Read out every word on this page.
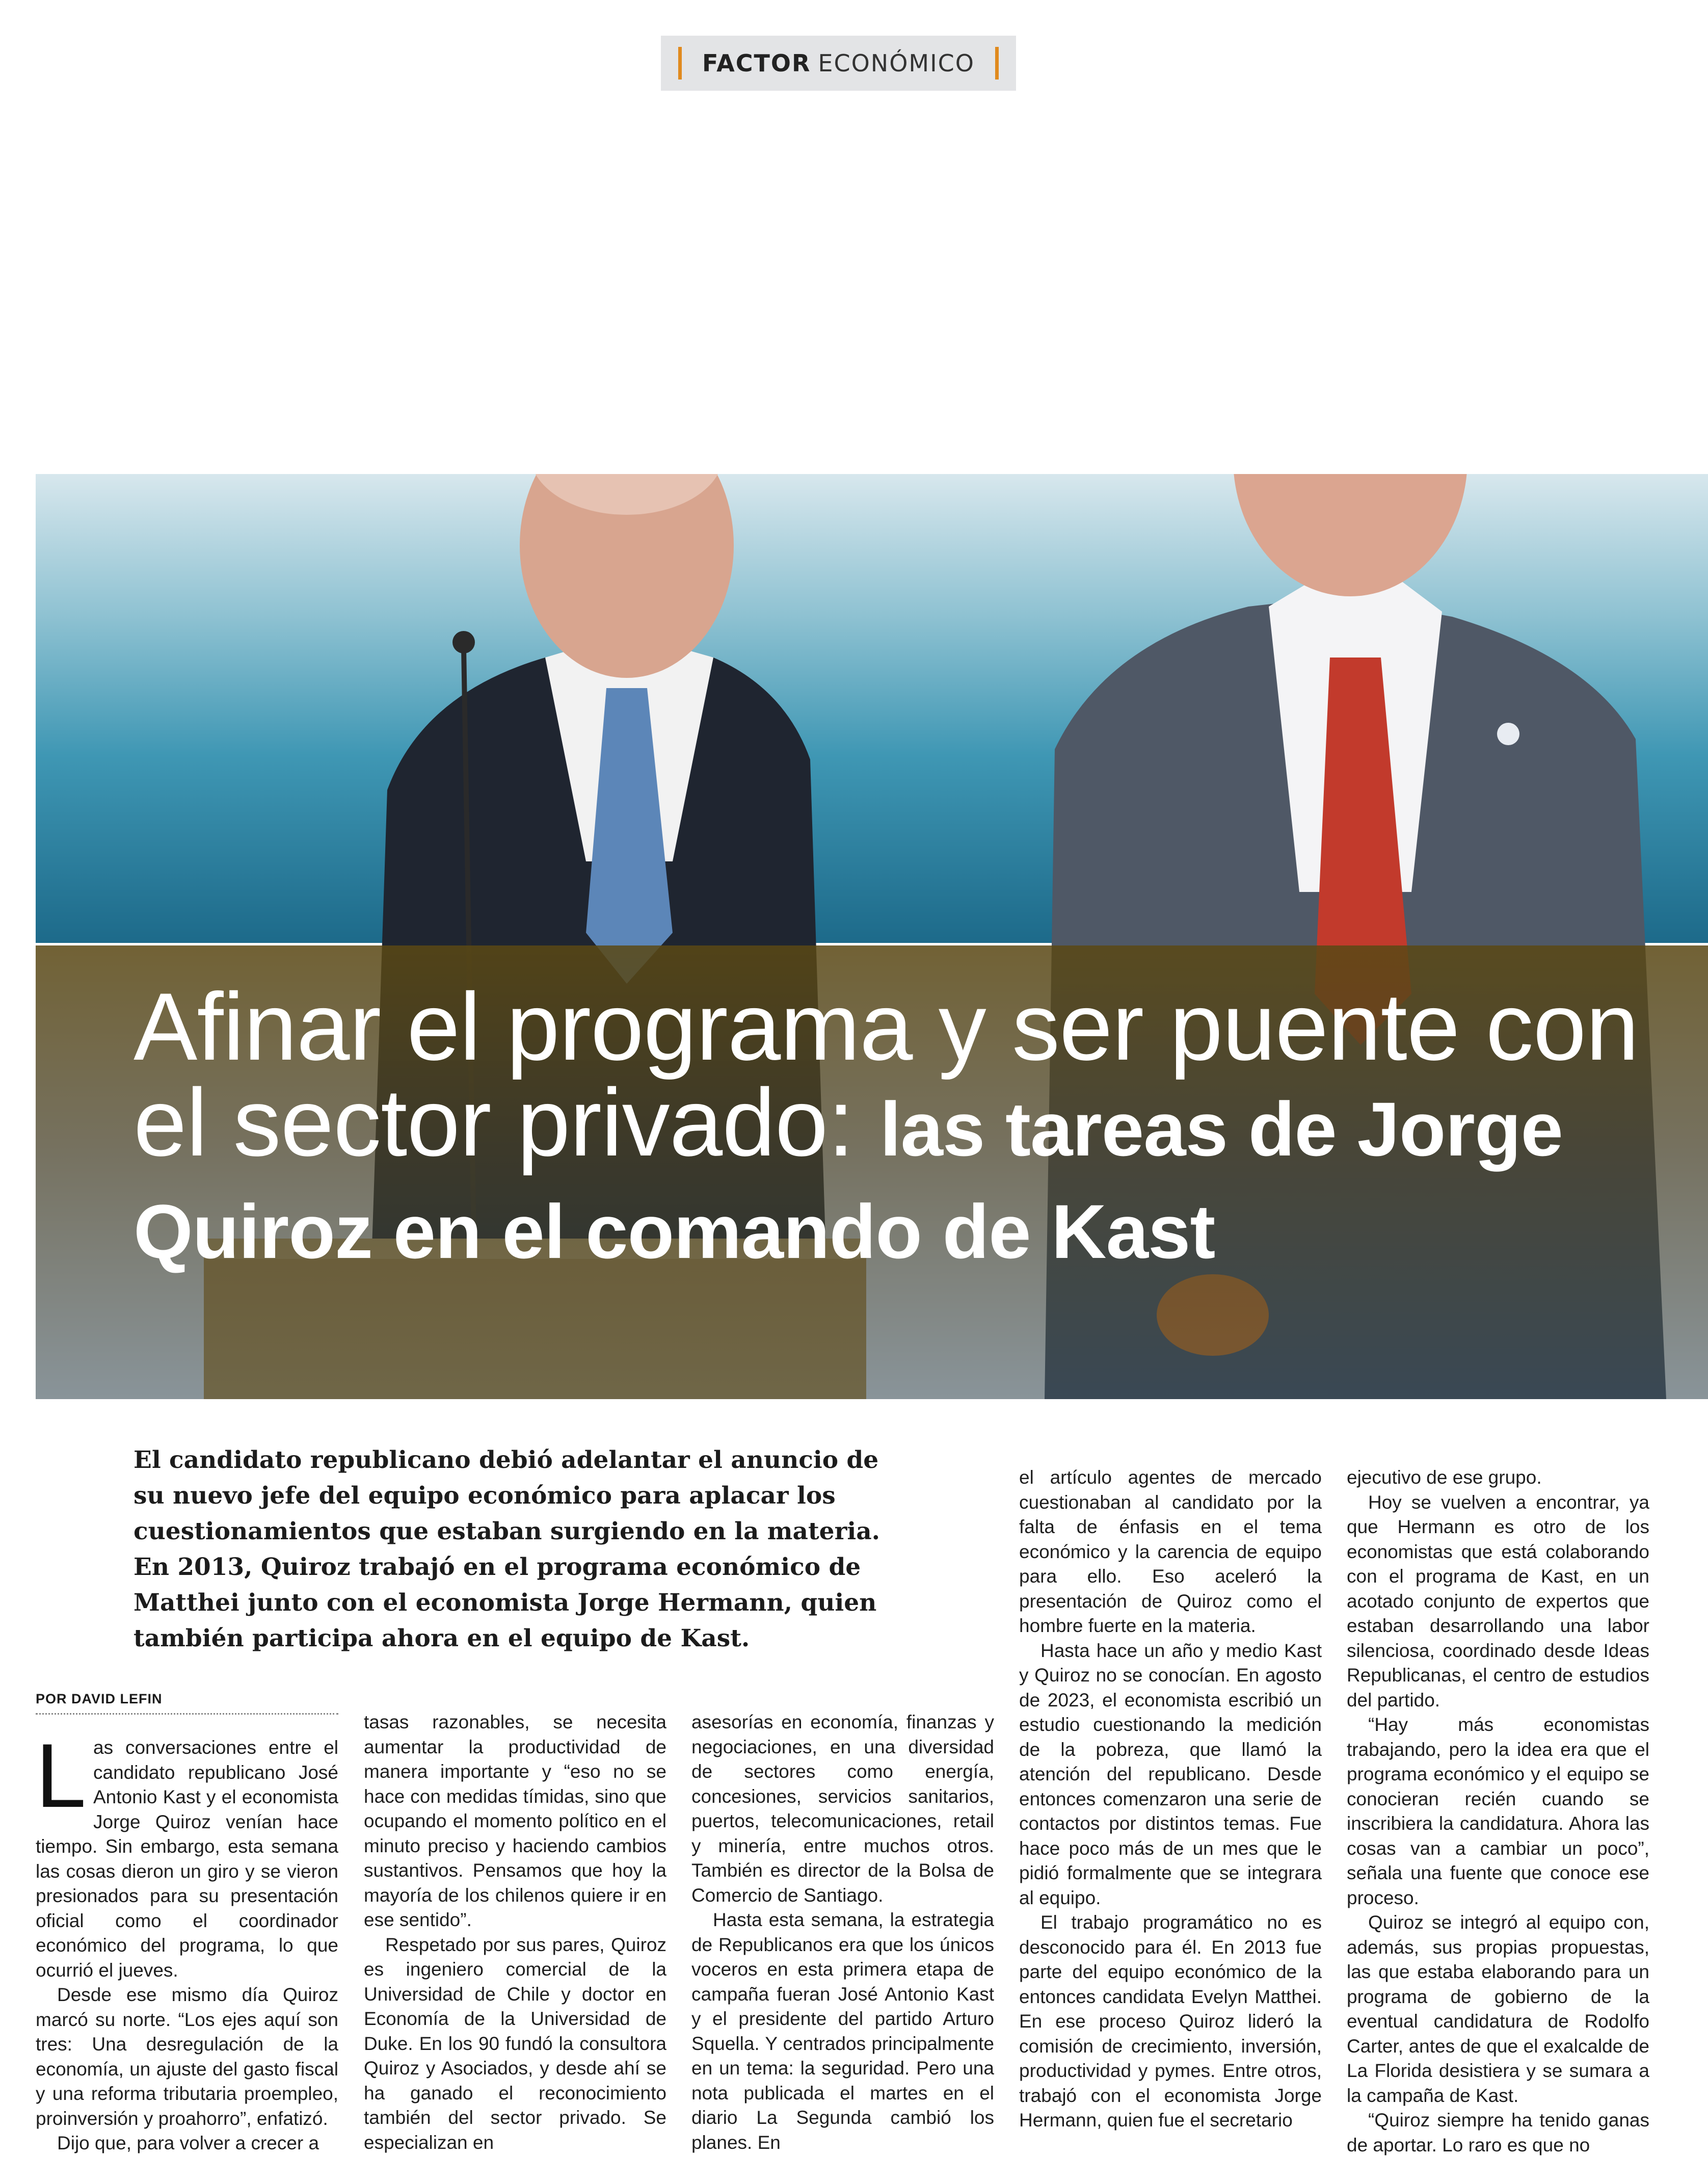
FACTOR ECONÓMICO
Afinar el programa y ser puente con el sector privado: las tareas de Jorge Quiroz en el comando de Kast

El candidato republicano debió adelantar el anuncio de su nuevo jefe del equipo económico para aplacar los cuestionamientos que estaban surgiendo en la materia. En 2013, Quiroz trabajó en el programa económico de Matthei junto con el economista Jorge Hermann, quien también participa ahora en el equipo de Kast.

POR DAVID LEFIN

Las conversaciones entre el candidato republicano José Antonio Kast y el economista Jorge Quiroz venían hace tiempo. Sin embargo, esta semana las cosas dieron un giro y se vieron presionados para su presentación oficial como el coordinador económico del programa, lo que ocurrió el jueves.

Desde ese mismo día Quiroz marcó su norte. “Los ejes aquí son tres: Una desregulación de la economía, un ajuste del gasto fiscal y una reforma tributaria proempleo, proinversión y proahorro”, enfatizó.

Dijo que, para volver a crecer a

tasas razonables, se necesita aumentar la productividad de manera importante y “eso no se hace con medidas tímidas, sino que ocupando el momento político en el minuto preciso y haciendo cambios sustantivos. Pensamos que hoy la mayoría de los chilenos quiere ir en ese sentido”.

Respetado por sus pares, Quiroz es ingeniero comercial de la Universidad de Chile y doctor en Economía de la Universidad de Duke. En los 90 fundó la consultora Quiroz y Asociados, y desde ahí se ha ganado el reconocimiento también del sector privado. Se especializan en

asesorías en economía, finanzas y negociaciones, en una diversidad de sectores como energía, concesiones, servicios sanitarios, puertos, telecomunicaciones, retail y minería, entre muchos otros. También es director de la Bolsa de Comercio de Santiago.

Hasta esta semana, la estrategia de Republicanos era que los únicos voceros en esta primera etapa de campaña fueran José Antonio Kast y el presidente del partido Arturo Squella. Y centrados principalmente en un tema: la seguridad. Pero una nota publicada el martes en el diario La Segunda cambió los planes. En

el artículo agentes de mercado cuestionaban al candidato por la falta de énfasis en el tema económico y la carencia de equipo para ello. Eso aceleró la presentación de Quiroz como el hombre fuerte en la materia.

Hasta hace un año y medio Kast y Quiroz no se conocían. En agosto de 2023, el economista escribió un estudio cuestionando la medición de la pobreza, que llamó la atención del republicano. Desde entonces comenzaron una serie de contactos por distintos temas. Fue hace poco más de un mes que le pidió formalmente que se integrara al equipo.

El trabajo programático no es desconocido para él. En 2013 fue parte del equipo económico de la entonces candidata Evelyn Matthei. En ese proceso Quiroz lideró la comisión de crecimiento, inversión, productividad y pymes. Entre otros, trabajó con el economista Jorge Hermann, quien fue el secretario

ejecutivo de ese grupo.

Hoy se vuelven a encontrar, ya que Hermann es otro de los economistas que está colaborando con el programa de Kast, en un acotado conjunto de expertos que estaban desarrollando una labor silenciosa, coordinado desde Ideas Republicanas, el centro de estudios del partido.

“Hay más economistas trabajando, pero la idea era que el programa económico y el equipo se conocieran recién cuando se inscribiera la candidatura. Ahora las cosas van a cambiar un poco”, señala una fuente que conoce ese proceso.

Quiroz se integró al equipo con, además, sus propias propuestas, las que estaba elaborando para un programa de gobierno de la eventual candidatura de Rodolfo Carter, antes de que el exalcalde de La Florida desistiera y se sumara a la campaña de Kast.

“Quiroz siempre ha tenido ganas de aportar. Lo raro es que no
